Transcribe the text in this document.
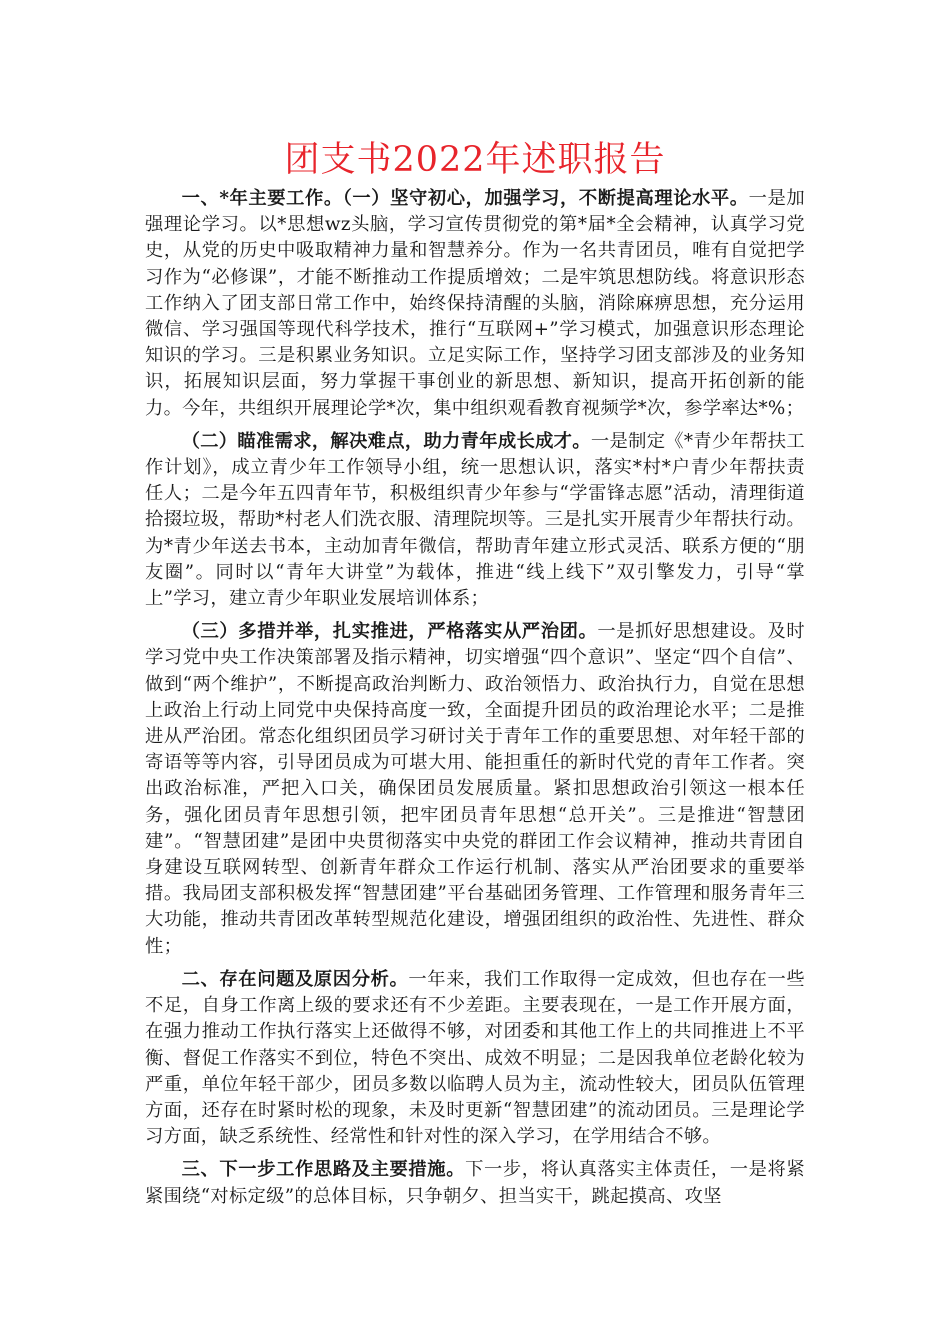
团支书2022年述职报告

一、*年主要工作。（一）坚守初心，加强学习，不断提高理论水平。一是加强理论学习。以*思想wz头脑，学习宣传贯彻党的第*届*全会精神，认真学习党史，从党的历史中吸取精神力量和智慧养分。作为一名共青团员，唯有自觉把学习作为“必修课”，才能不断推动工作提质增效；二是牢筑思想防线。将意识形态工作纳入了团支部日常工作中，始终保持清醒的头脑，消除麻痹思想，充分运用微信、学习强国等现代科学技术，推行“互联网+”学习模式，加强意识形态理论知识的学习。三是积累业务知识。立足实际工作，坚持学习团支部涉及的业务知识，拓展知识层面，努力掌握干事创业的新思想、新知识，提高开拓创新的能力。今年，共组织开展理论学*次，集中组织观看教育视频学*次，参学率达*%；

（二）瞄准需求，解决难点，助力青年成长成才。一是制定《*青少年帮扶工作计划》，成立青少年工作领导小组，统一思想认识，落实*村*户青少年帮扶责任人；二是今年五四青年节，积极组织青少年参与“学雷锋志愿”活动，清理街道拾掇垃圾，帮助*村老人们洗衣服、清理院坝等。三是扎实开展青少年帮扶行动。为*青少年送去书本，主动加青年微信，帮助青年建立形式灵活、联系方便的“朋友圈”。同时以“青年大讲堂”为载体，推进“线上线下”双引擎发力，引导“掌上”学习，建立青少年职业发展培训体系；

（三）多措并举，扎实推进，严格落实从严治团。一是抓好思想建设。及时学习党中央工作决策部署及指示精神，切实增强“四个意识”、坚定“四个自信”、做到“两个维护”，不断提高政治判断力、政治领悟力、政治执行力，自觉在思想上政治上行动上同党中央保持高度一致，全面提升团员的政治理论水平；二是推进从严治团。常态化组织团员学习研讨关于青年工作的重要思想、对年轻干部的寄语等等内容，引导团员成为可堪大用、能担重任的新时代党的青年工作者。突出政治标准，严把入口关，确保团员发展质量。紧扣思想政治引领这一根本任务，强化团员青年思想引领，把牢团员青年思想“总开关”。三是推进“智慧团建”。“智慧团建”是团中央贯彻落实中央党的群团工作会议精神，推动共青团自身建设互联网转型、创新青年群众工作运行机制、落实从严治团要求的重要举措。我局团支部积极发挥“智慧团建”平台基础团务管理、工作管理和服务青年三大功能，推动共青团改革转型规范化建设，增强团组织的政治性、先进性、群众性；

二、存在问题及原因分析。一年来，我们工作取得一定成效，但也存在一些不足，自身工作离上级的要求还有不少差距。主要表现在，一是工作开展方面，在强力推动工作执行落实上还做得不够，对团委和其他工作上的共同推进上不平衡、督促工作落实不到位，特色不突出、成效不明显；二是因我单位老龄化较为严重，单位年轻干部少，团员多数以临聘人员为主，流动性较大，团员队伍管理方面，还存在时紧时松的现象，未及时更新“智慧团建”的流动团员。三是理论学习方面，缺乏系统性、经常性和针对性的深入学习，在学用结合不够。

三、下一步工作思路及主要措施。下一步，将认真落实主体责任，一是将紧紧围绕“对标定级”的总体目标，只争朝夕、担当实干，跳起摸高、攻坚
